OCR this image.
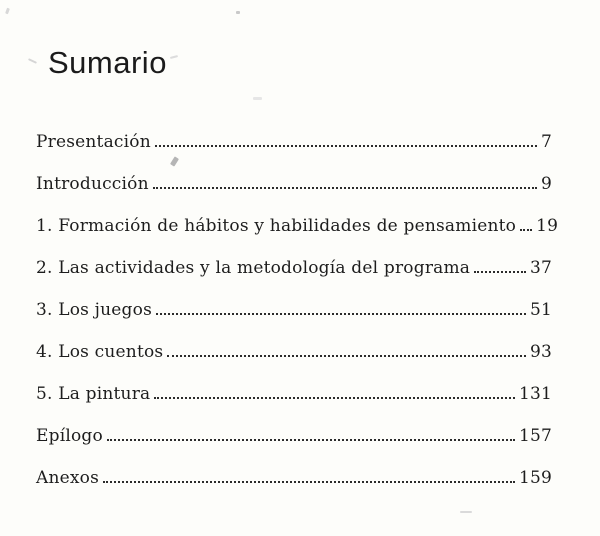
Sumario
Presentación	7
Introducción	9
1. Formación de hábitos y habilidades de pensamiento 19
2. Las actividades y la metodología del programa	37
3. Los juegos	51
4. Los cuentos	93
5. La pintura	131
Epílogo	157
Anexos	159
